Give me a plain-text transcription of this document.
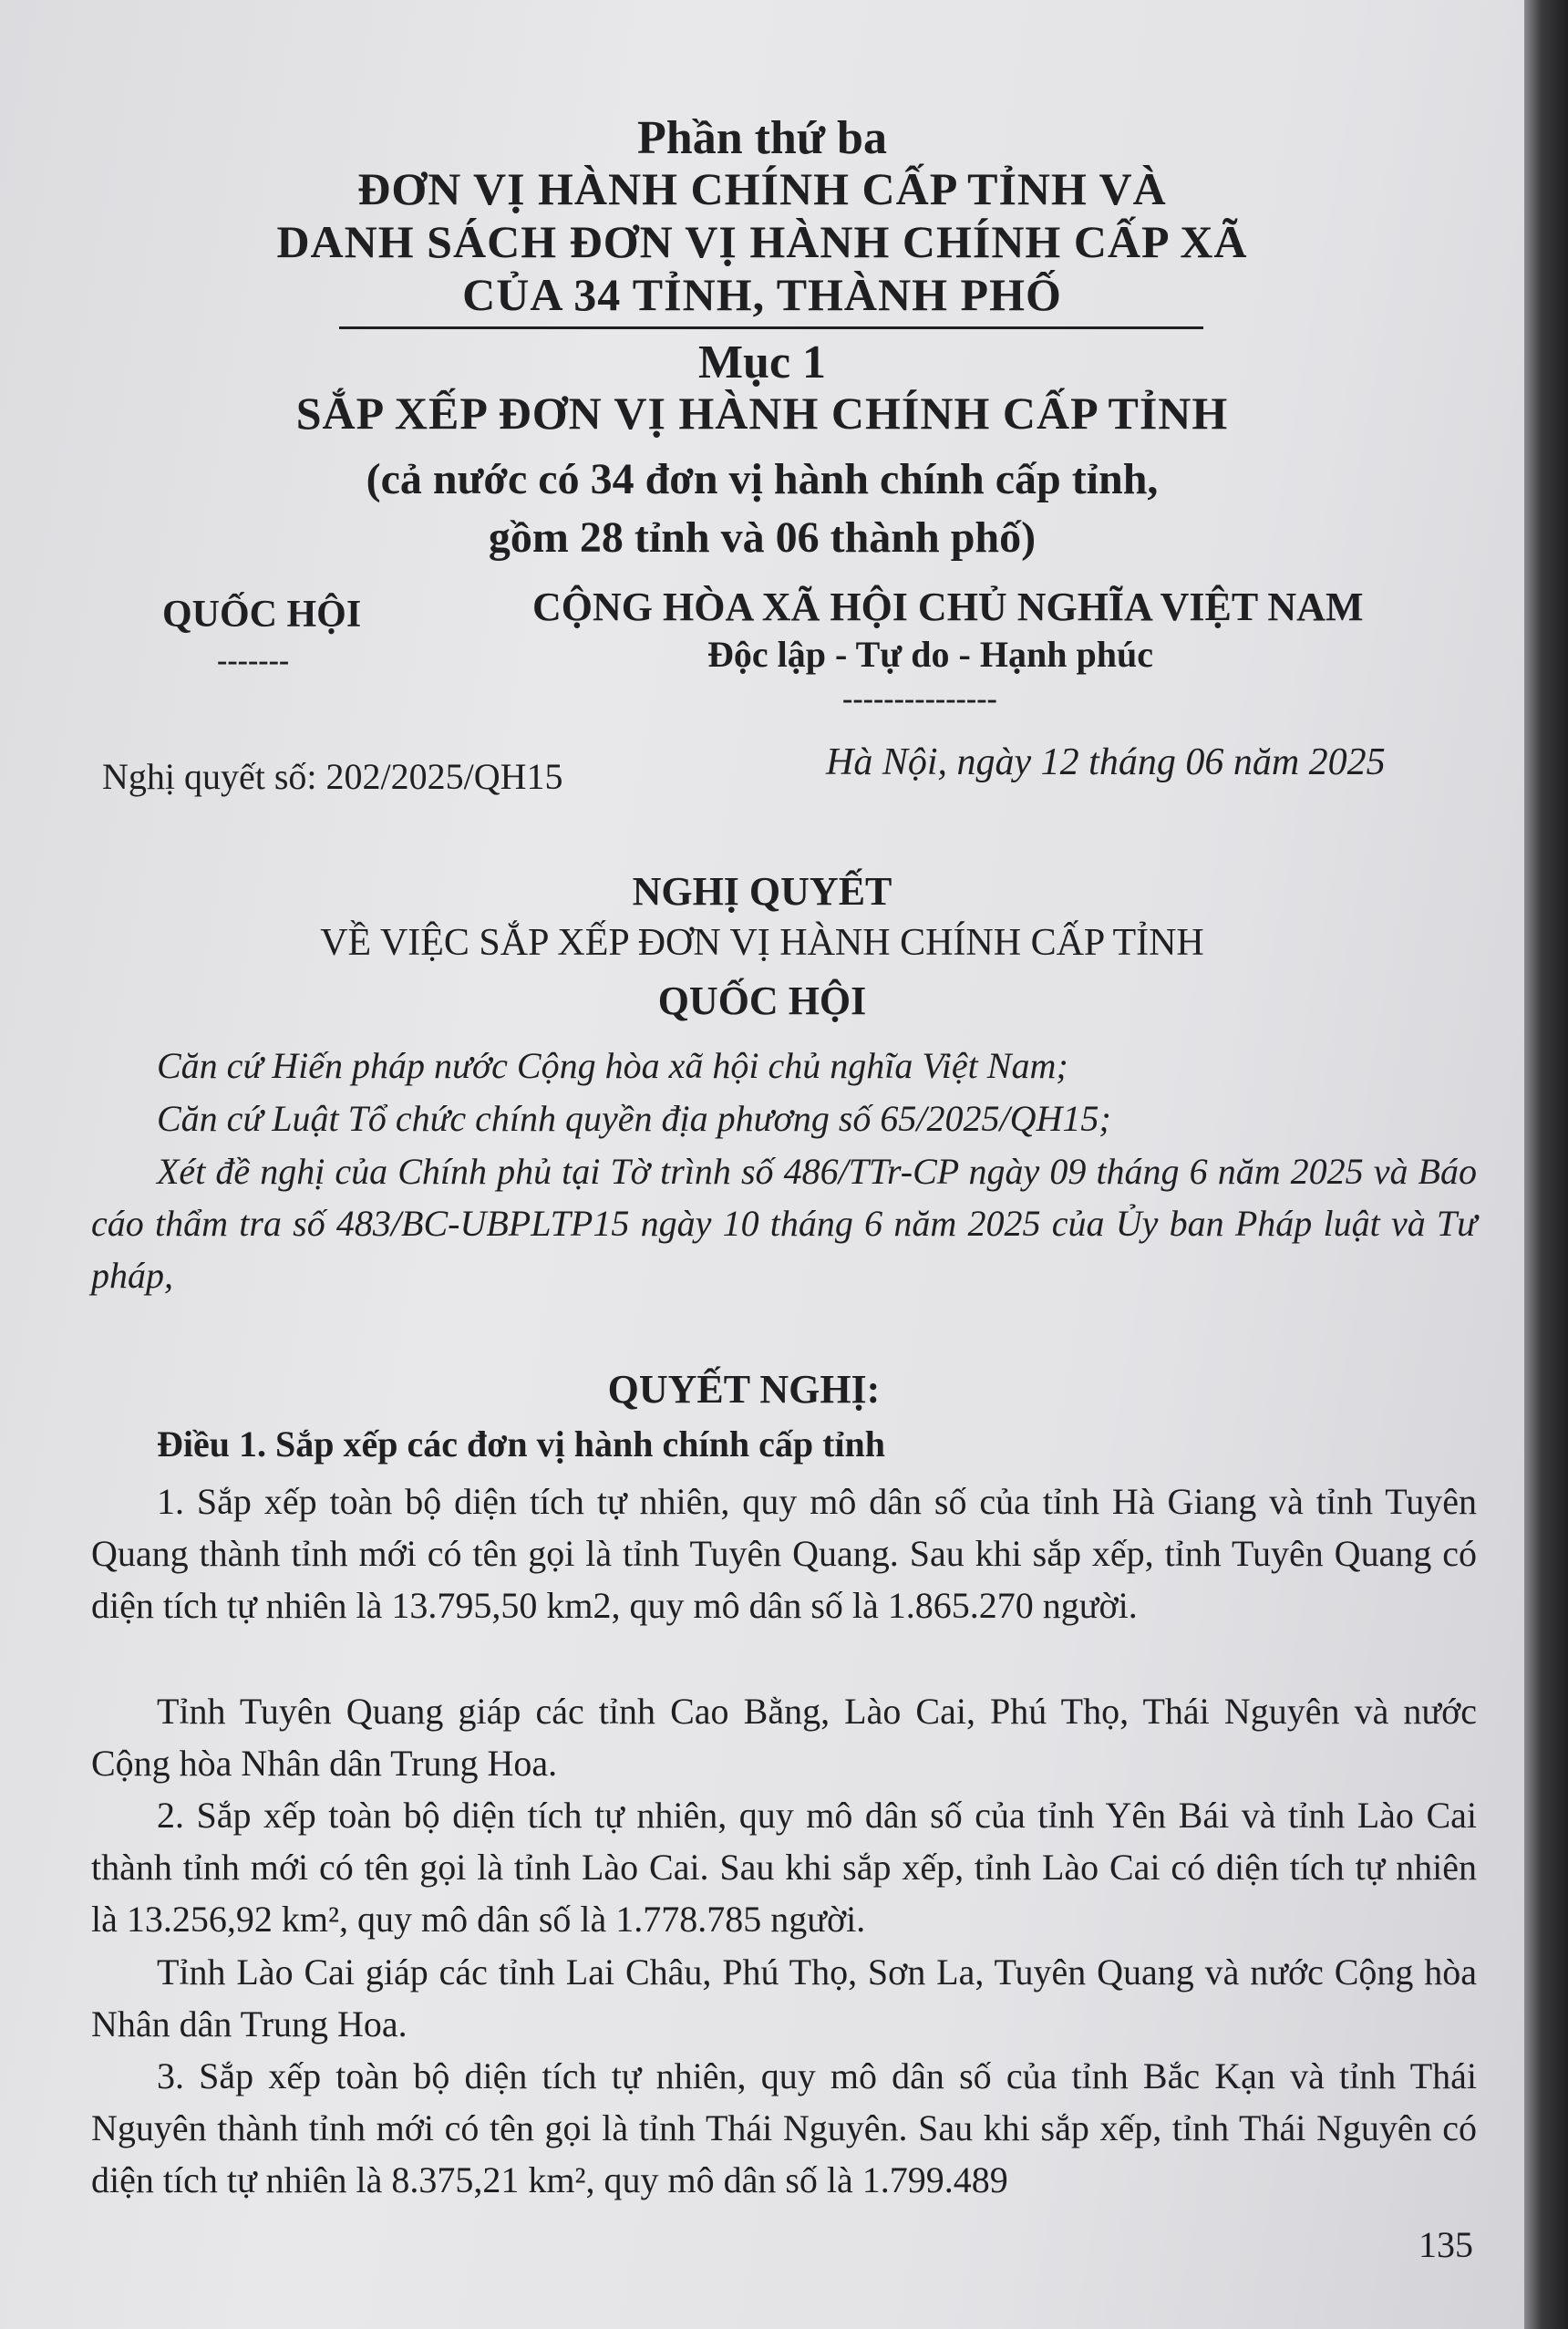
Phần thứ ba

ĐƠN VỊ HÀNH CHÍNH CẤP TỈNH VÀ

DANH SÁCH ĐƠN VỊ HÀNH CHÍNH CẤP XÃ

CỦA 34 TỈNH, THÀNH PHỐ

Mục 1

SẮP XẾP ĐƠN VỊ HÀNH CHÍNH CẤP TỈNH

(cả nước có 34 đơn vị hành chính cấp tỉnh,

gồm 28 tỉnh và 06 thành phố)

QUỐC HỘI

-------

CỘNG HÒA XÃ HỘI CHỦ NGHĨA VIỆT NAM

Độc lập - Tự do - Hạnh phúc

---------------

Nghị quyết số: 202/2025/QH15	Hà Nội, ngày 12 tháng 06 năm 2025

NGHỊ QUYẾT

VỀ VIỆC SẮP XẾP ĐƠN VỊ HÀNH CHÍNH CẤP TỈNH

QUỐC HỘI

Căn cứ Hiến pháp nước Cộng hòa xã hội chủ nghĩa Việt Nam;

Căn cứ Luật Tổ chức chính quyền địa phương số 65/2025/QH15;

Xét đề nghị của Chính phủ tại Tờ trình số 486/TTr-CP ngày 09 tháng 6 năm 2025 và Báo cáo thẩm tra số 483/BC-UBPLTP15 ngày 10 tháng 6 năm 2025 của Ủy ban Pháp luật và Tư pháp,

QUYẾT NGHỊ:

Điều 1. Sắp xếp các đơn vị hành chính cấp tỉnh

1. Sắp xếp toàn bộ diện tích tự nhiên, quy mô dân số của tỉnh Hà Giang và tỉnh Tuyên Quang thành tỉnh mới có tên gọi là tỉnh Tuyên Quang. Sau khi sắp xếp, tỉnh Tuyên Quang có diện tích tự nhiên là 13.795,50 km2, quy mô dân số là 1.865.270 người.

Tỉnh Tuyên Quang giáp các tỉnh Cao Bằng, Lào Cai, Phú Thọ, Thái Nguyên và nước Cộng hòa Nhân dân Trung Hoa.

2. Sắp xếp toàn bộ diện tích tự nhiên, quy mô dân số của tỉnh Yên Bái và tỉnh Lào Cai thành tỉnh mới có tên gọi là tỉnh Lào Cai. Sau khi sắp xếp, tỉnh Lào Cai có diện tích tự nhiên là 13.256,92 km², quy mô dân số là 1.778.785 người.

Tỉnh Lào Cai giáp các tỉnh Lai Châu, Phú Thọ, Sơn La, Tuyên Quang và nước Cộng hòa Nhân dân Trung Hoa.

3. Sắp xếp toàn bộ diện tích tự nhiên, quy mô dân số của tỉnh Bắc Kạn và tỉnh Thái Nguyên thành tỉnh mới có tên gọi là tỉnh Thái Nguyên. Sau khi sắp xếp, tỉnh Thái Nguyên có diện tích tự nhiên là 8.375,21 km², quy mô dân số là 1.799.489

135
